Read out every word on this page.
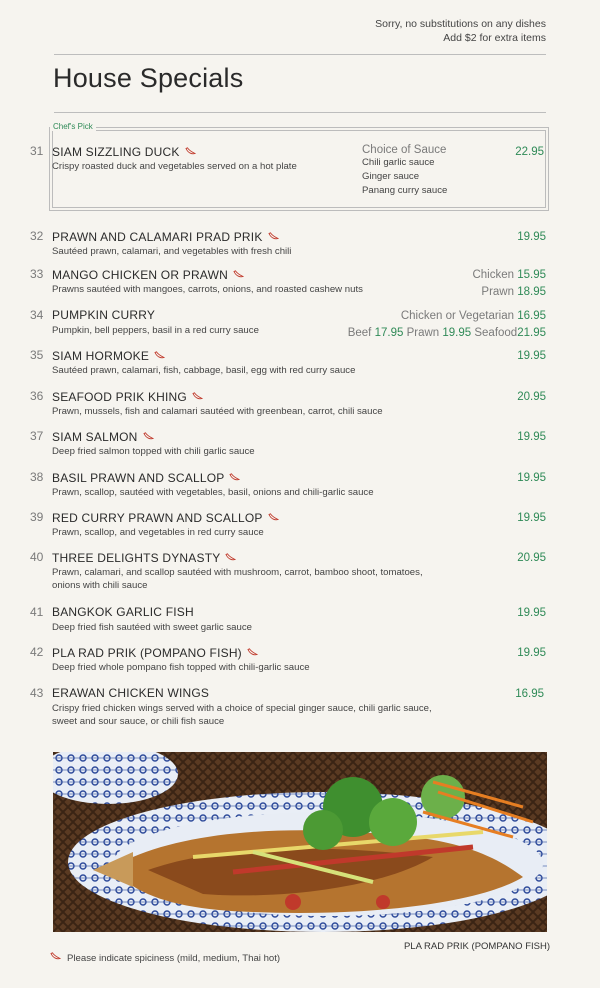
Sorry, no substitutions on any dishes
Add $2 for extra items
House Specials
Chef's Pick
31 SIAM SIZZLING DUCK
Crispy roasted duck and vegetables served on a hot plate
Choice of Sauce
Chili garlic sauce
Ginger sauce
Panang curry sauce
22.95
32 PRAWN AND CALAMARI PRAD PRIK
Sautéed prawn, calamari, and vegetables with fresh chili
19.95
33 MANGO CHICKEN OR PRAWN
Prawns sautéed with mangoes, carrots, onions, and roasted cashew nuts
Chicken 15.95
Prawn 18.95
34 PUMPKIN CURRY
Pumpkin, bell peppers, basil in a red curry sauce
Chicken or Vegetarian 16.95
Beef 17.95 Prawn 19.95 Seafood21.95
35 SIAM HORMOKE
Sautéed prawn, calamari, fish, cabbage, basil, egg with red curry sauce
19.95
36 SEAFOOD PRIK KHING
Prawn, mussels, fish and calamari sautéed with greenbean, carrot, chili sauce
20.95
37 SIAM SALMON
Deep fried salmon topped with chili garlic sauce
19.95
38 BASIL PRAWN AND SCALLOP
Prawn, scallop, sautéed with vegetables, basil, onions and chili-garlic sauce
19.95
39 RED CURRY PRAWN AND SCALLOP
Prawn, scallop, and vegetables in red curry sauce
19.95
40 THREE DELIGHTS DYNASTY
Prawn, calamari, and scallop sautéed with mushroom, carrot, bamboo shoot, tomatoes, onions with chili sauce
20.95
41 BANGKOK GARLIC FISH
Deep fried fish sautéed with sweet garlic sauce
19.95
42 PLA RAD PRIK (POMPANO FISH)
Deep fried whole pompano fish topped with chili-garlic sauce
19.95
43 ERAWAN CHICKEN WINGS
Crispy fried chicken wings served with a choice of special ginger sauce, chili garlic sauce, sweet and sour sauce, or chili fish sauce
16.95
PLA RAD PRIK (POMPANO FISH)
Please indicate spiciness (mild, medium, Thai hot)
